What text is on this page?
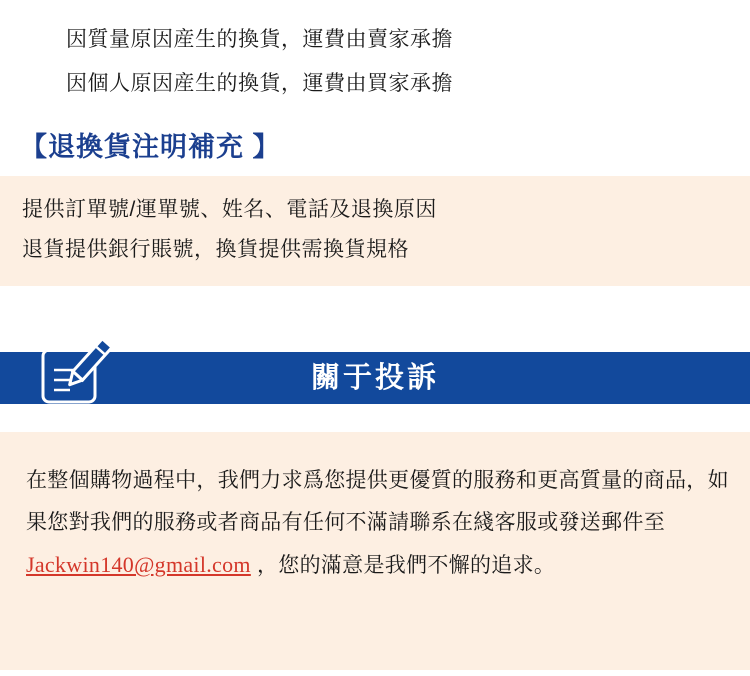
因質量原因産生的換貨，運費由賣家承擔
因個人原因産生的換貨，運費由買家承擔
【退換貨注明補充 】
提供訂單號/運單號、姓名、電話及退換原因
退貨提供銀行賬號，換貨提供需換貨規格
關于投訴
在整個購物過程中，我們力求爲您提供更優質的服務和更高質量的商品，如果您對我們的服務或者商品有任何不滿請聯系在綫客服或發送郵件至 Jackwin140@gmail.com ，您的滿意是我們不懈的追求。
